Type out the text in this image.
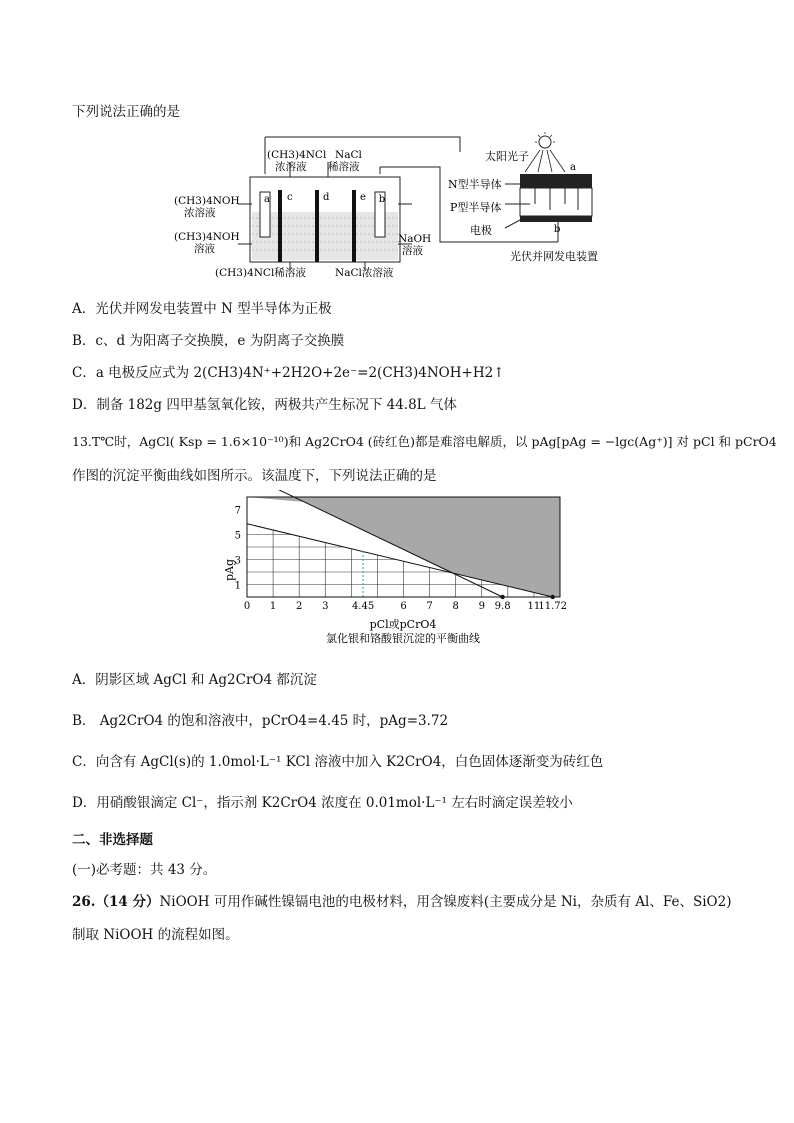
下列说法正确的是
a	b
c	d	e
(CH3)4NCl
浓溶液
NaCl
稀溶液
(CH3)4NOH
浓溶液
(CH3)4NOH
溶液
NaOH
溶液
(CH3)4NCl稀溶液	NaCl浓溶液
太阳光子
a
N型半导体
P型半导体
电极	b
光伏并网发电装置
A．光伏并网发电装置中 N 型半导体为正极
B．c、d 为阳离子交换膜，e 为阴离子交换膜
C．a 电极反应式为 2(CH3)4N⁺+2H2O+2e⁻=2(CH3)4NOH+H2↑
D．制备 182g 四甲基氢氧化铵，两极共产生标况下 44.8L 气体
13.T℃时，AgCl( Ksp = 1.6×10⁻¹⁰)和 Ag2CrO4 (砖红色)都是难溶电解质，以 pAg[pAg = −lgc(Ag⁺)] 对 pCl 和 pCrO4
作图的沉淀平衡曲线如图所示。该温度下，下列说法正确的是
0 1 2 3 4.45	6 7 8 9 9.8 11
11.72
1
3
5
7
pAg
pCl或pCrO4
氯化银和铬酸银沉淀的平衡曲线
A．阴影区域 AgCl 和 Ag2CrO4 都沉淀
B． Ag2CrO4 的饱和溶液中，pCrO4=4.45 时，pAg=3.72
C．向含有 AgCl(s)的 1.0mol·L⁻¹ KCl 溶液中加入 K2CrO4，白色固体逐渐变为砖红色
D．用硝酸银滴定 Cl⁻，指示剂 K2CrO4 浓度在 0.01mol·L⁻¹ 左右时滴定误差较小
二、非选择题
(一)必考题：共 43 分。
26.（14 分）NiOOH 可用作碱性镍镉电池的电极材料，用含镍废料(主要成分是 Ni，杂质有 Al、Fe、SiO2)
制取 NiOOH 的流程如图。
